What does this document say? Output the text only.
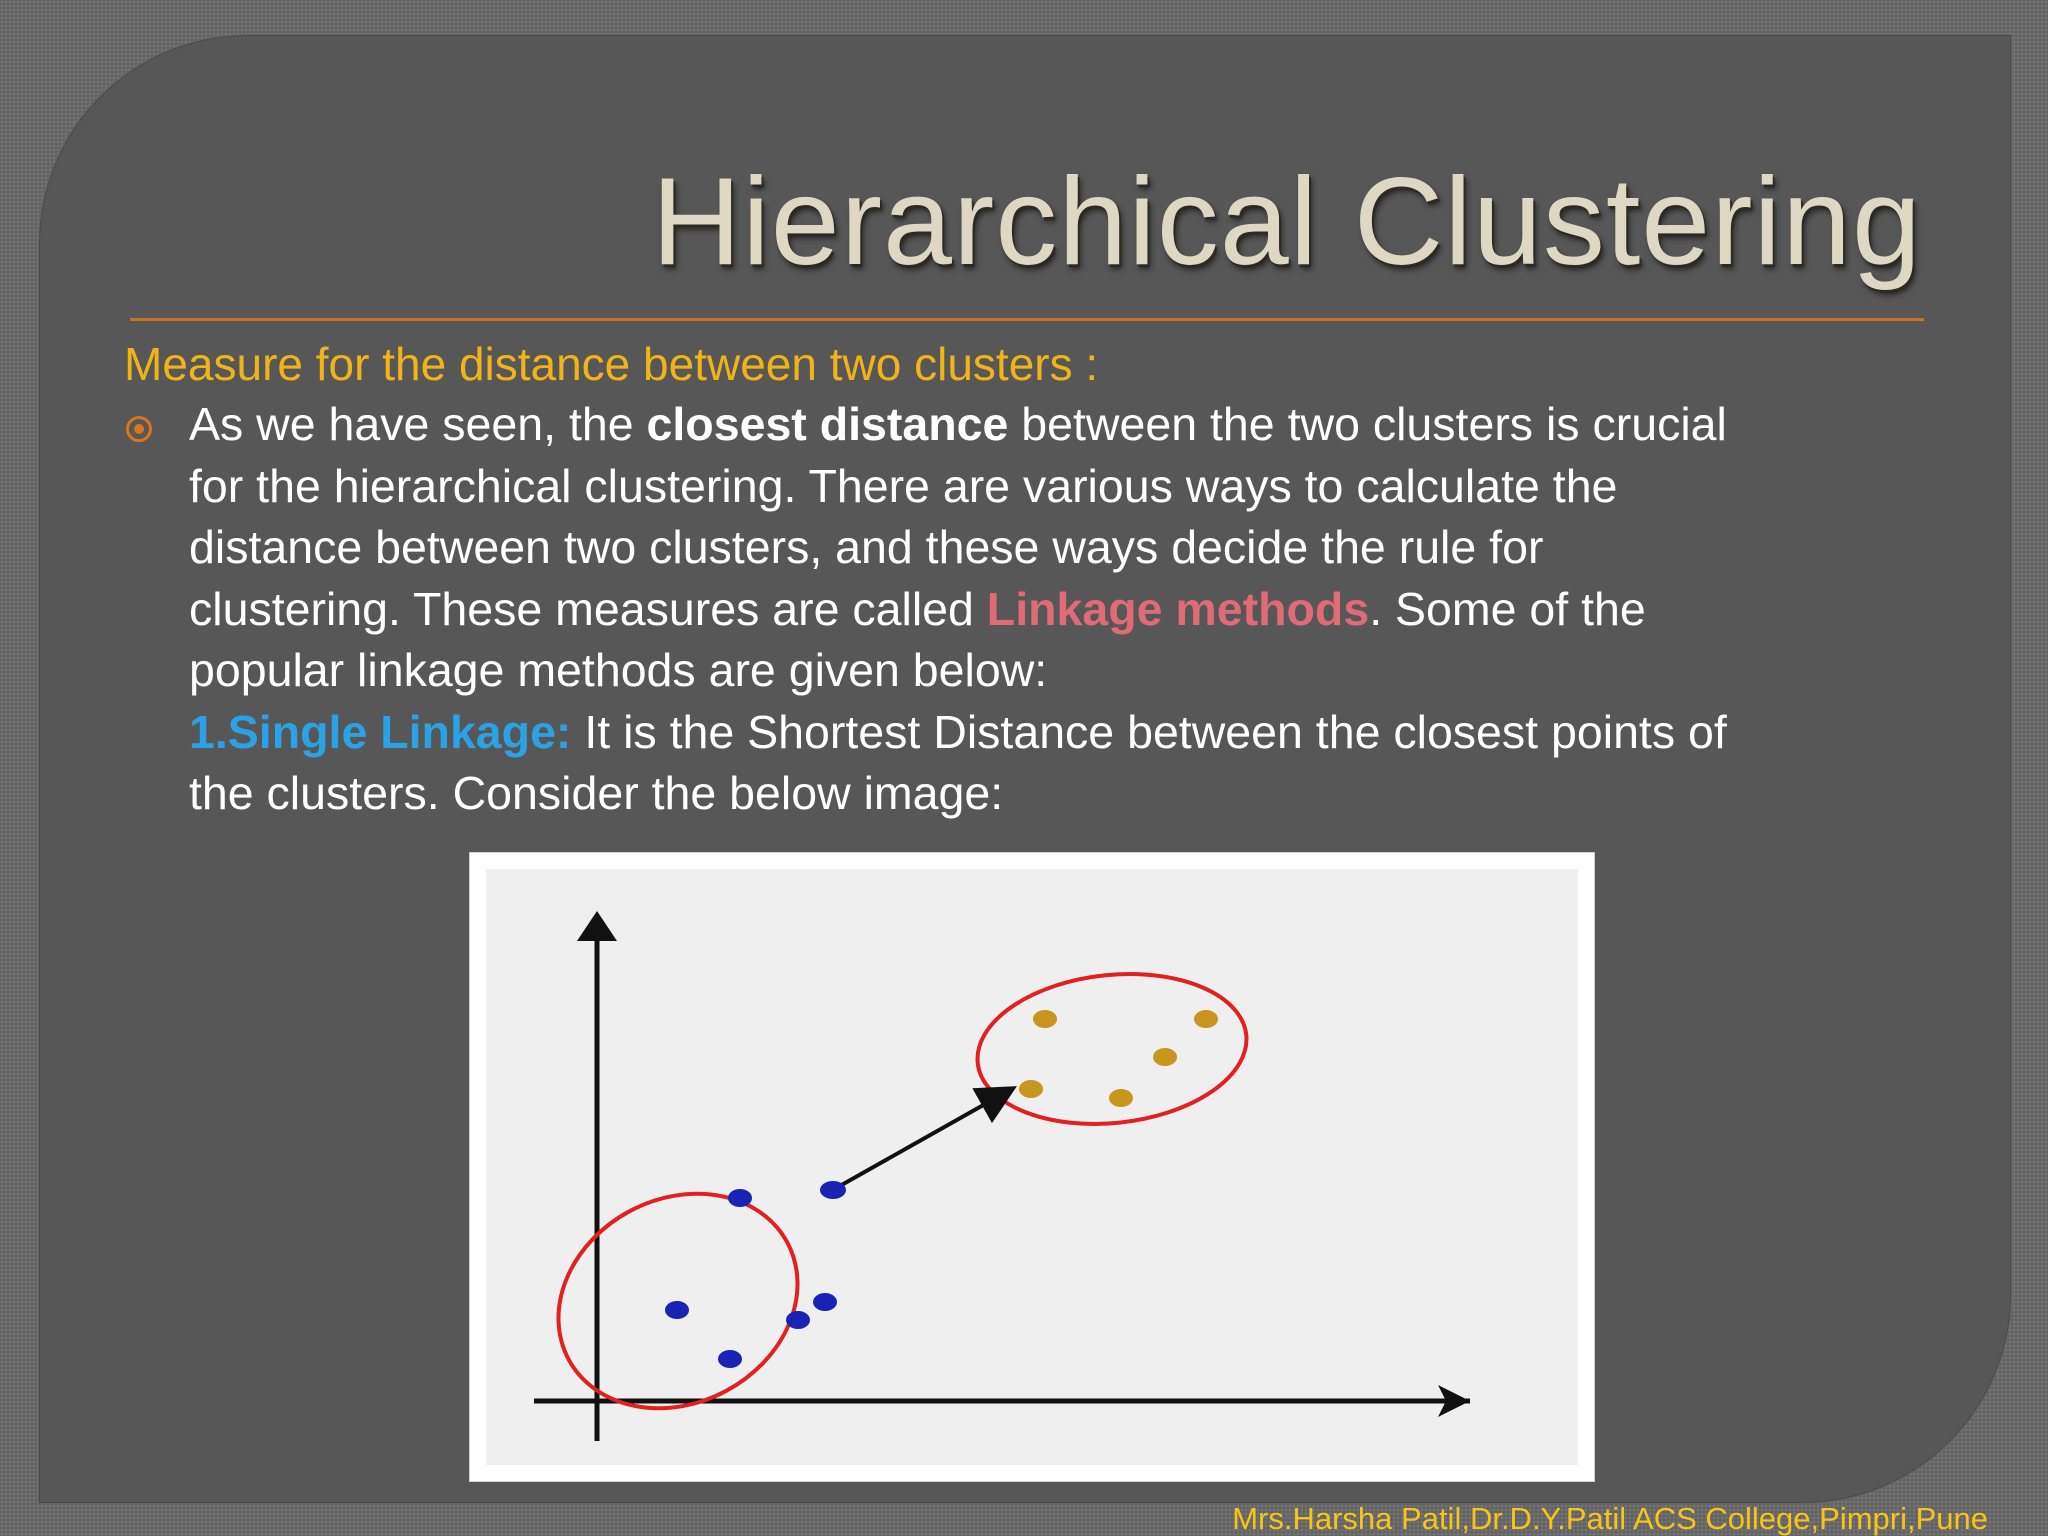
Hierarchical Clustering
Measure for the distance between two clusters :
As we have seen, the closest distance between the two clusters is crucial
for the hierarchical clustering. There are various ways to calculate the
distance between two clusters, and these ways decide the rule for
clustering. These measures are called Linkage methods. Some of the
popular linkage methods are given below:
1.Single Linkage: It is the Shortest Distance between the closest points of
the clusters. Consider the below image:
Mrs.Harsha Patil,Dr.D.Y.Patil ACS College,Pimpri,Pune
